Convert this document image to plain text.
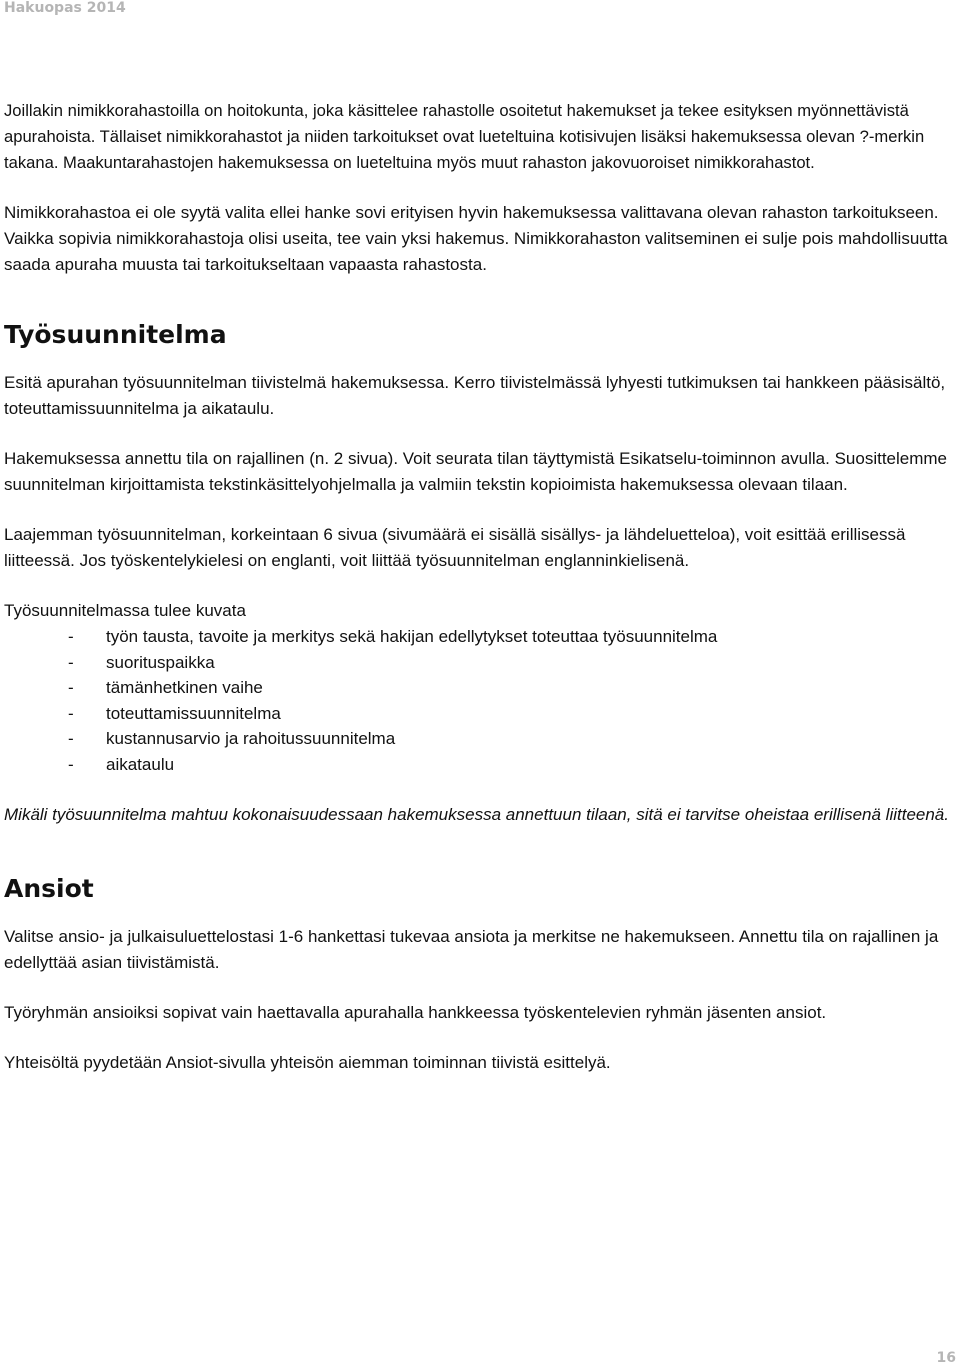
Hakuopas 2014

Joillakin nimikkorahastoilla on hoitokunta, joka käsittelee rahastolle osoitetut hakemukset ja tekee esityksen myönnettävistä apurahoista. Tällaiset nimikkorahastot ja niiden tarkoitukset ovat lueteltuina kotisivujen lisäksi hakemuksessa olevan ?-merkin takana. Maakuntarahastojen hakemuksessa on lueteltuina myös muut rahaston jakovuoroiset nimikkorahastot.

Nimikkorahastoa ei ole syytä valita ellei hanke sovi erityisen hyvin hakemuksessa valittavana olevan rahaston tarkoitukseen. Vaikka sopivia nimikkorahastoja olisi useita, tee vain yksi hakemus. Nimikkorahaston valitseminen ei sulje pois mahdollisuutta saada apuraha muusta tai tarkoitukseltaan vapaasta rahastosta.

Työsuunnitelma

Esitä apurahan työsuunnitelman tiivistelmä hakemuksessa. Kerro tiivistelmässä lyhyesti tutkimuksen tai hankkeen pääsisältö, toteuttamissuunnitelma ja aikataulu.

Hakemuksessa annettu tila on rajallinen (n. 2 sivua). Voit seurata tilan täyttymistä Esikatselu-toiminnon avulla. Suosittelemme suunnitelman kirjoittamista tekstinkäsittelyohjelmalla ja valmiin tekstin kopioimista hakemuksessa olevaan tilaan.

Laajemman työsuunnitelman, korkeintaan 6 sivua (sivumäärä ei sisällä sisällys- ja lähdeluetteloa), voit esittää erillisessä liitteessä. Jos työskentelykielesi on englanti, voit liittää työsuunnitelman englanninkielisenä.

Työsuunnitelmassa tulee kuvata

- työn tausta, tavoite ja merkitys sekä hakijan edellytykset toteuttaa työsuunnitelma
- suorituspaikka
- tämänhetkinen vaihe
- toteuttamissuunnitelma
- kustannusarvio ja rahoitussuunnitelma
- aikataulu

Mikäli työsuunnitelma mahtuu kokonaisuudessaan hakemuksessa annettuun tilaan, sitä ei tarvitse oheistaa erillisenä liitteenä.

Ansiot

Valitse ansio- ja julkaisuluettelostasi 1-6 hankettasi tukevaa ansiota ja merkitse ne hakemukseen. Annettu tila on rajallinen ja edellyttää asian tiivistämistä.

Työryhmän ansioiksi sopivat vain haettavalla apurahalla hankkeessa työskentelevien ryhmän jäsenten ansiot.

Yhteisöltä pyydetään Ansiot-sivulla yhteisön aiemman toiminnan tiivistä esittelyä.

16
